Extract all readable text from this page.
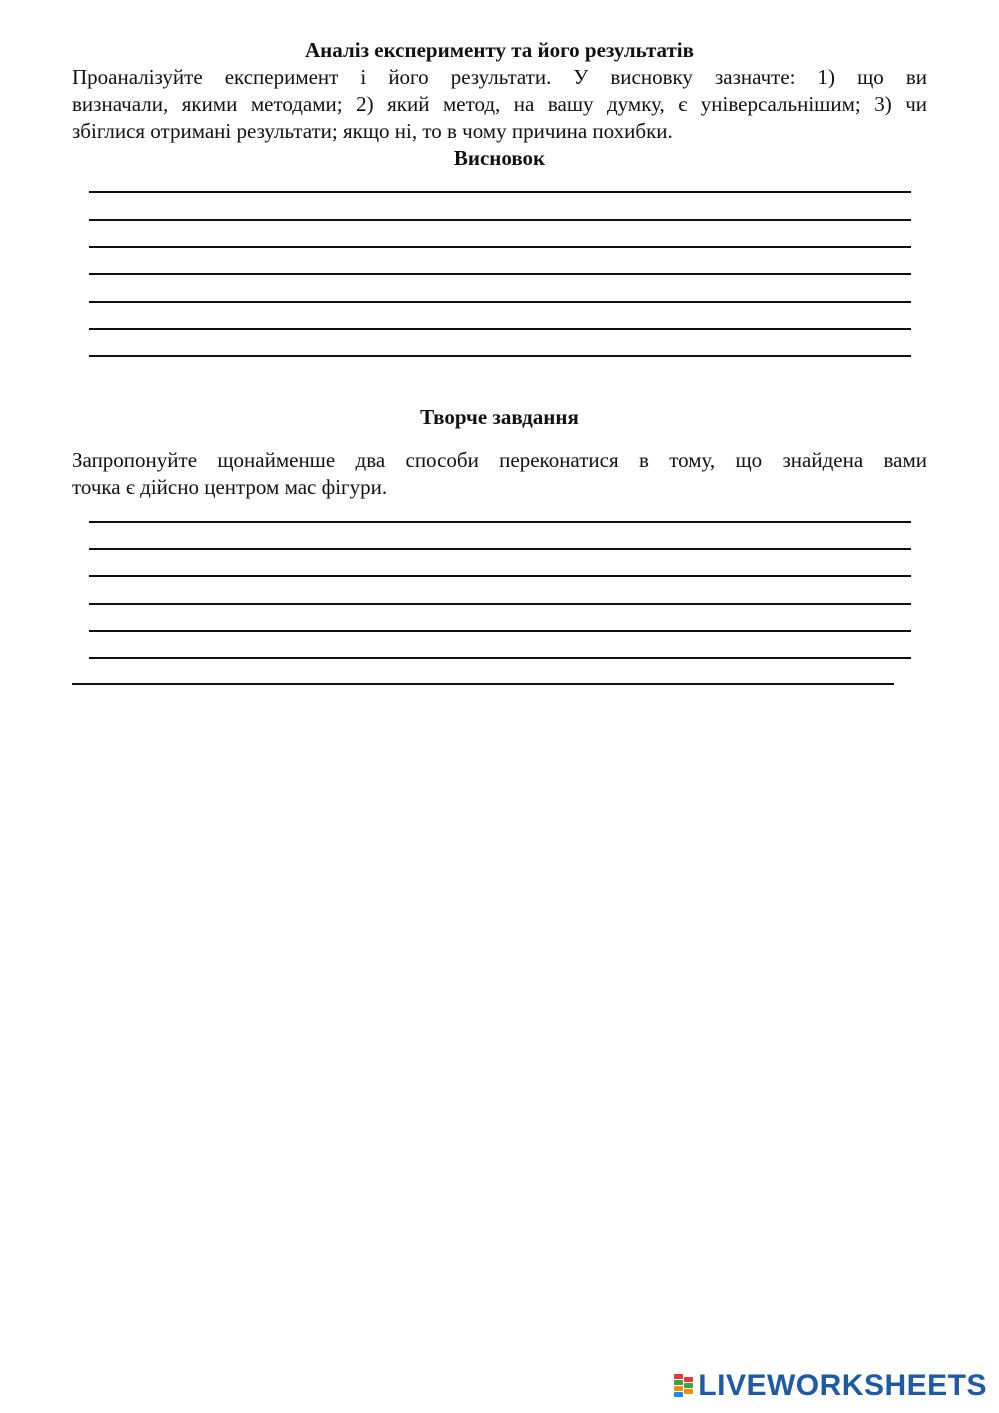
Аналіз експерименту та його результатів

Проаналізуйте експеримент і його результати. У висновку зазначте: 1) що ви
визначали, якими методами; 2) який метод, на вашу думку, є універсальнішим; 3) чи
збіглися отримані результати; якщо ні, то в чому причина похибки.

Висновок
Творче завдання

Запропонуйте щонайменше два способи переконатися в тому, що знайдена вами
точка є дійсно центром мас фігури.

LIVEWORKSHEETS
